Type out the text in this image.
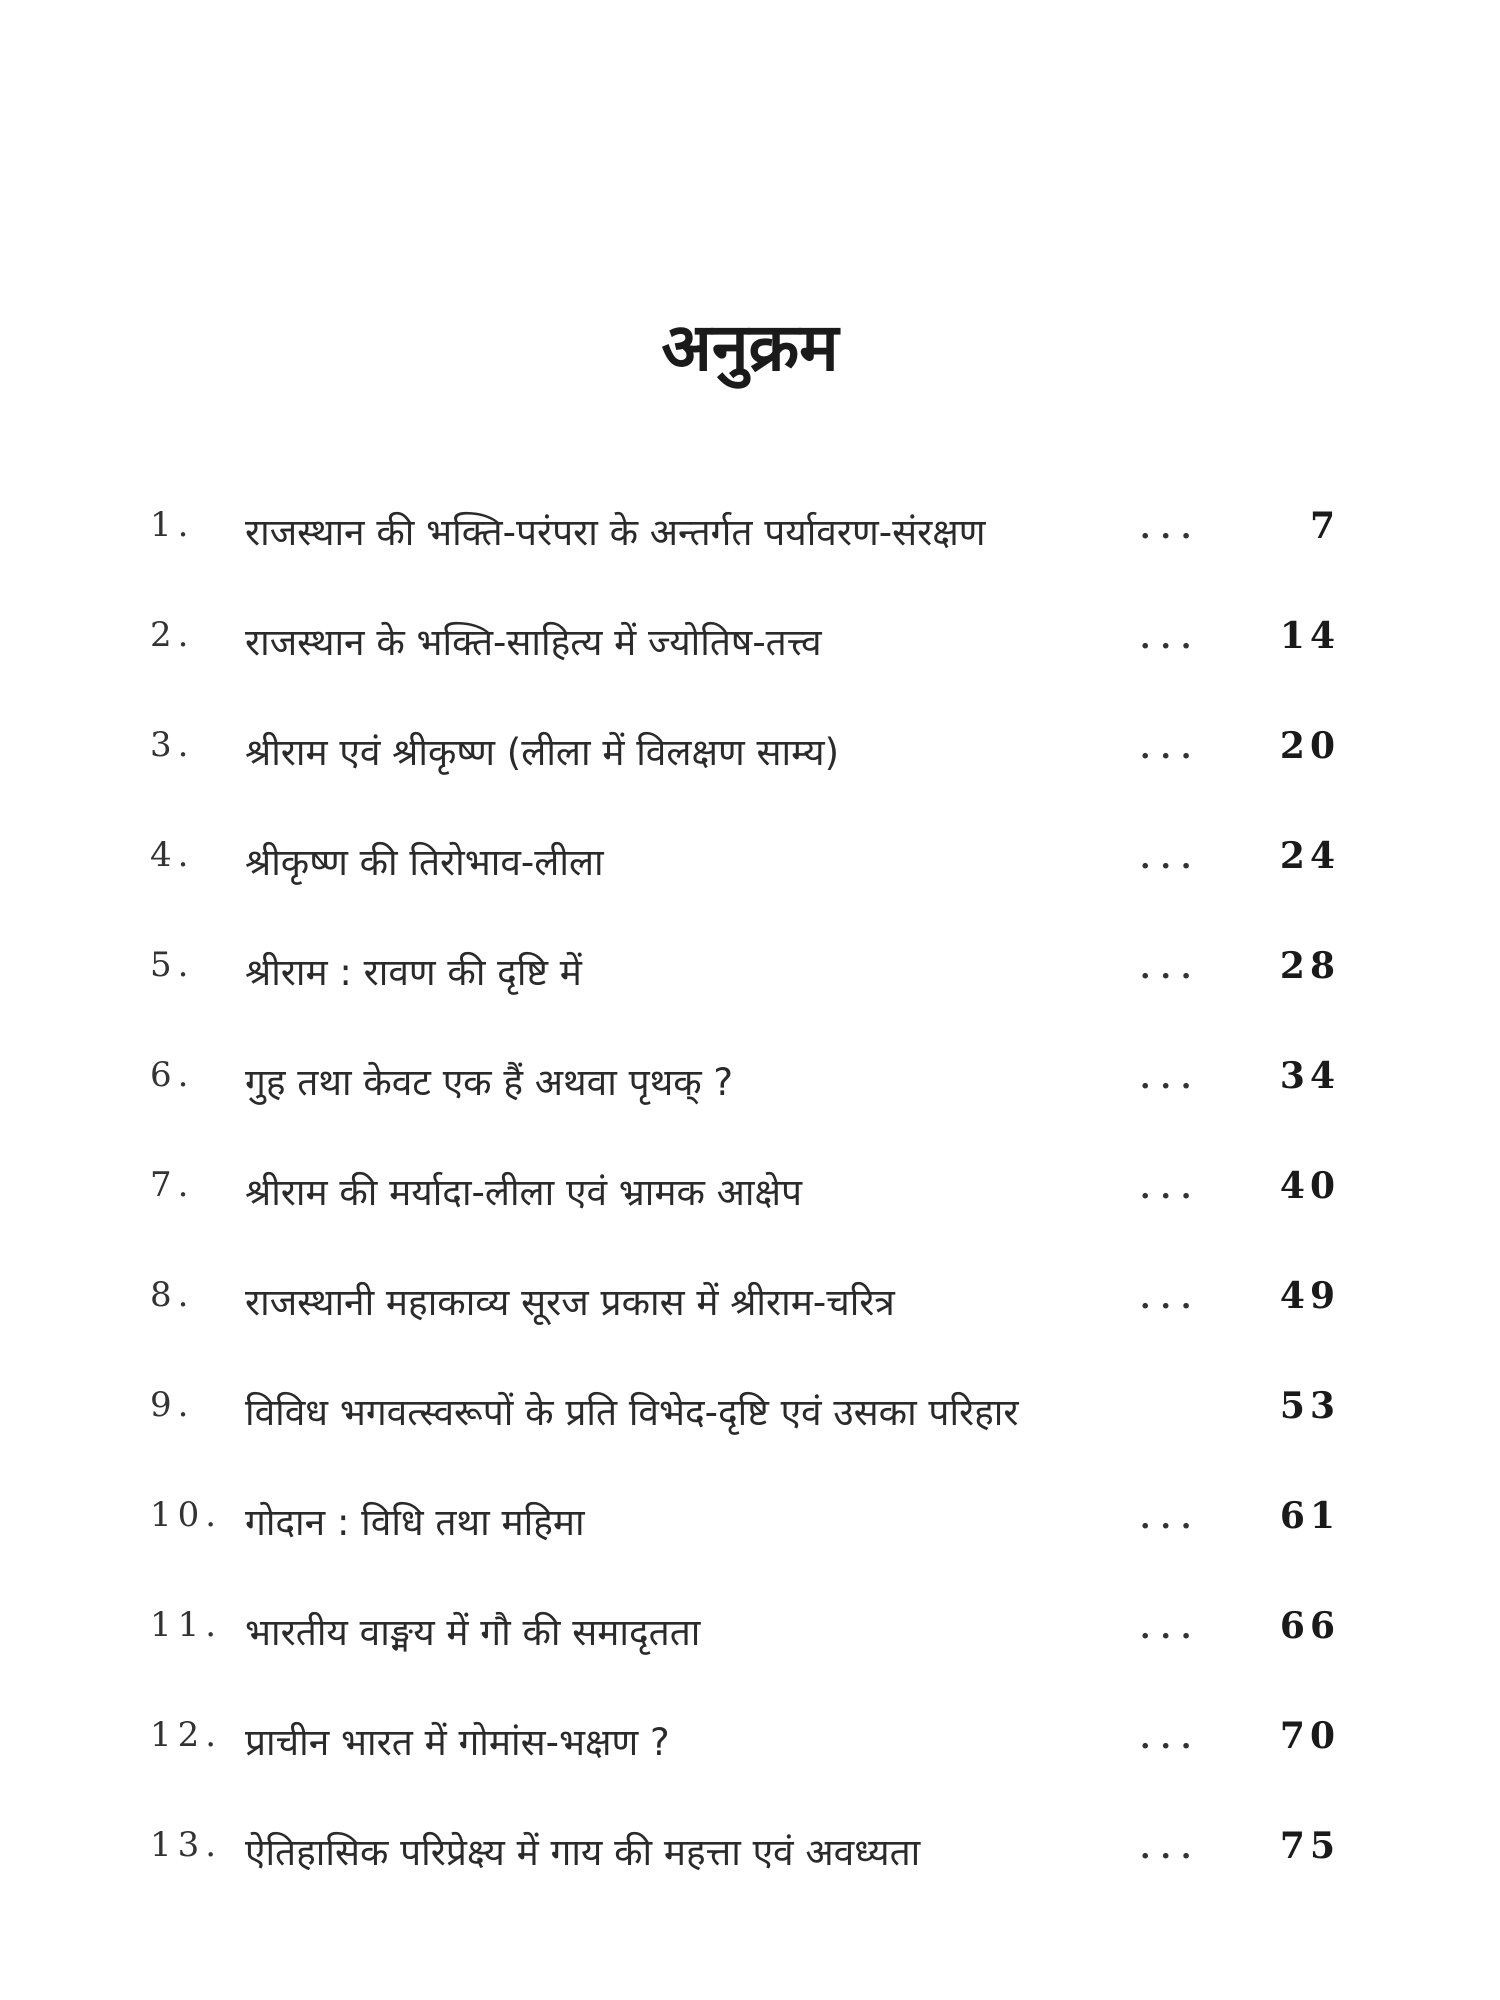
अनुक्रम
1. राजस्थान की भक्ति-परंपरा के अन्तर्गत पर्यावरण-संरक्षण	...	7
2. राजस्थान के भक्ति-साहित्य में ज्योतिष-तत्त्व	... 14
3. श्रीराम एवं श्रीकृष्ण (लीला में विलक्षण साम्य)	... 20
4. श्रीकृष्ण की तिरोभाव-लीला	... 24
5. श्रीराम : रावण की दृष्टि में	... 28
6. गुह तथा केवट एक हैं अथवा पृथक् ?	... 34
7. श्रीराम की मर्यादा-लीला एवं भ्रामक आक्षेप	... 40
8. राजस्थानी महाकाव्य सूरज प्रकास में श्रीराम-चरित्र	... 49
9. विविध भगवत्स्वरूपों के प्रति विभेद-दृष्टि एवं उसका परिहार	53
10. गोदान : विधि तथा महिमा	... 61
11. भारतीय वाङ्मय में गौ की समादृतता	... 66
12. प्राचीन भारत में गोमांस-भक्षण ?	... 70
13. ऐतिहासिक परिप्रेक्ष्य में गाय की महत्ता एवं अवध्यता	... 75
